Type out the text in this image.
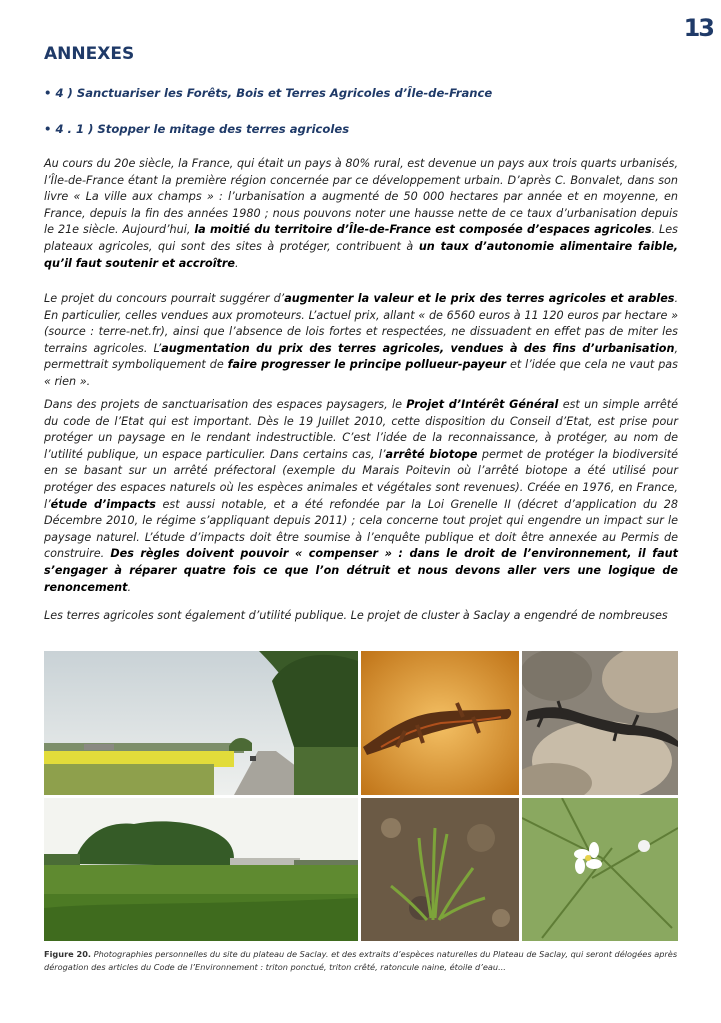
13
ANNEXES
• 4 ) Sanctuariser les Forêts, Bois et Terres Agricoles d’Île-de-France
• 4 . 1 ) Stopper le mitage des terres agricoles

Au cours du 20e siècle, la France, qui était un pays à 80% rural, est devenue un pays aux trois quarts urbanisés, l’Île-de-France étant la première région concernée par ce développement urbain. D’après C. Bonvalet, dans son livre « La ville aux champs » : l’urbanisation a augmenté de 50 000 hectares par année et en moyenne, en France, depuis la fin des années 1980 ; nous pouvons noter une hausse nette de ce taux d’urbanisation depuis le 21e siècle. Aujourd’hui, la moitié du territoire d’Île-de-France est composée d’espaces agricoles. Les plateaux agricoles, qui sont des sites à protéger, contribuent à un taux d’autonomie alimentaire faible, qu’il faut soutenir et accroître.

Le projet du concours pourrait suggérer d’augmenter la valeur et le prix des terres agricoles et arables. En particulier, celles vendues aux promoteurs. L’actuel prix, allant « de 6560 euros à 11 120 euros par hectare » (source : terre-net.fr), ainsi que l’absence de lois fortes et respectées, ne dissuadent en effet pas de miter les terrains agricoles. L’augmentation du prix des terres agricoles, vendues à des fins d’urbanisation, permettrait symboliquement de faire progresser le principe pollueur-payeur et l’idée que cela ne vaut pas « rien ».

Dans des projets de sanctuarisation des espaces paysagers, le Projet d’Intérêt Général est un simple arrêté du code de l’Etat qui est important. Dès le 19 Juillet 2010, cette disposition du Conseil d’Etat, est prise pour protéger un paysage en le rendant indestructible. C’est l’idée de la reconnaissance, à protéger, au nom de l’utilité publique, un espace particulier. Dans certains cas, l’arrêté biotope permet de protéger la biodiversité en se basant sur un arrêté préfectoral (exemple du Marais Poitevin où l’arrêté biotope a été utilisé pour protéger des espaces naturels où les espèces animales et végétales sont revenues). Créée en 1976, en France, l’étude d’impacts est aussi notable, et a été refondée par la Loi Grenelle II (décret d’application du 28 Décembre 2010, le régime s’appliquant depuis 2011) ; cela concerne tout projet qui engendre un impact sur le paysage naturel. L’étude d’impacts doit être soumise à l’enquête publique et doit être annexée au Permis de construire. Des règles doivent pouvoir « compenser » : dans le droit de l’environnement, il faut s’engager à réparer quatre fois ce que l’on détruit et nous devons aller vers une logique de renoncement.

Les terres agricoles sont également d’utilité publique. Le projet de cluster à Saclay a engendré de nombreuses

Figure 20. Photographies personnelles du site du plateau de Saclay. et des extraits d’espèces naturelles du Plateau de Saclay, qui seront délogées après dérogation des articles du Code de l’Environnement : triton ponctué, triton crêté, ratoncule naine, étoile d’eau...
